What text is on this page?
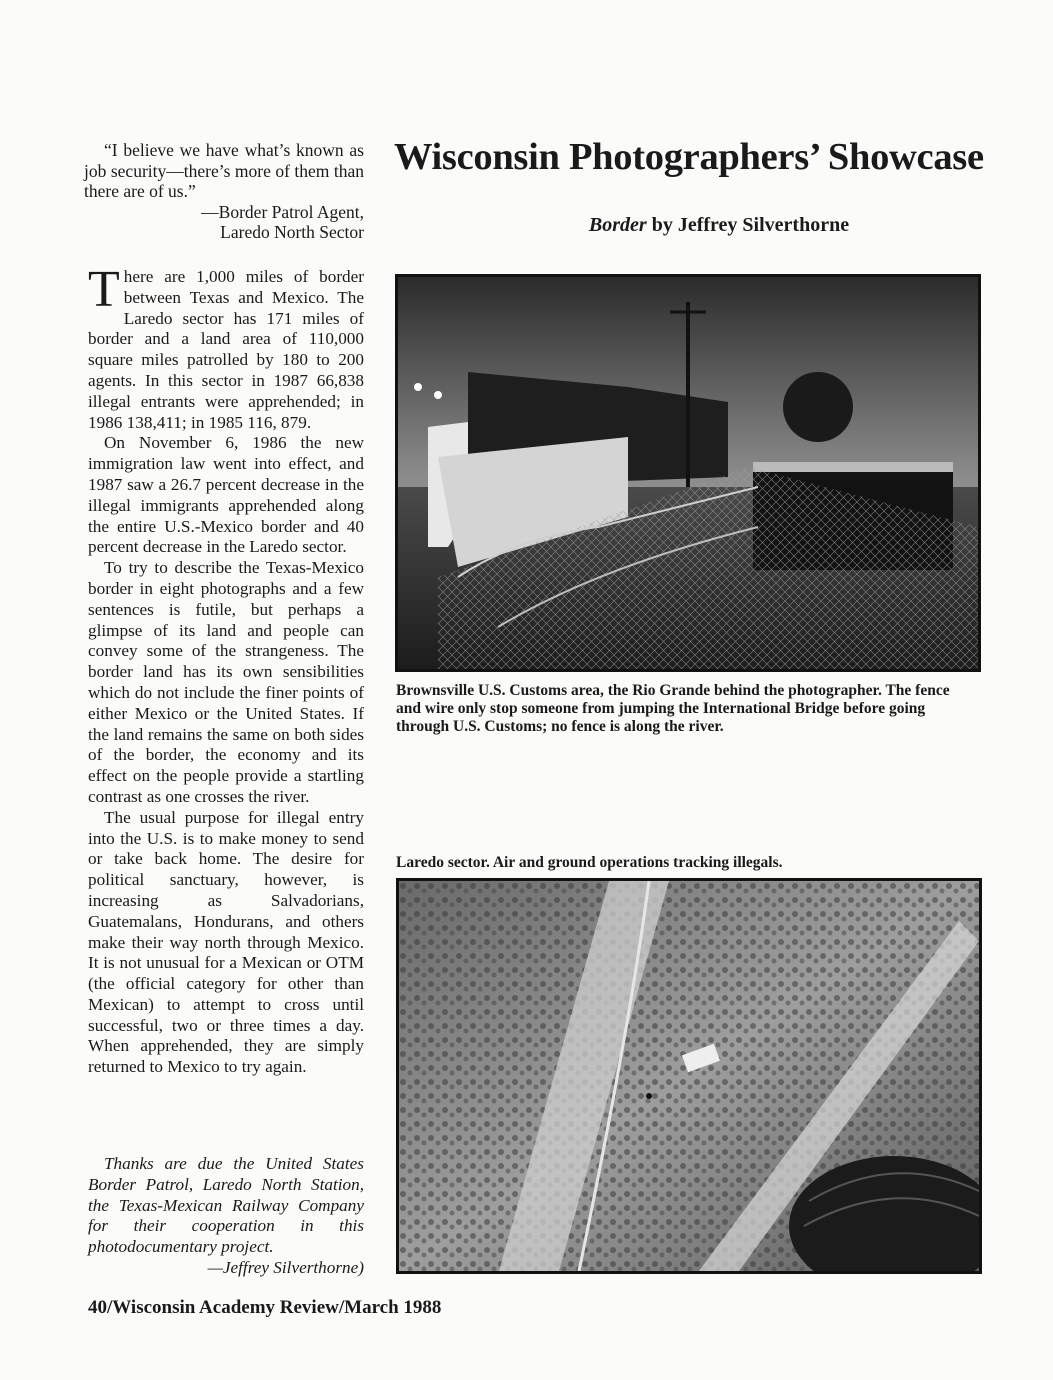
“I believe we have what’s known as job security—there’s more of them than there are of us.”
—Border Patrol Agent,
Laredo North Sector

There are 1,000 miles of border between Texas and Mexico. The Laredo sector has 171 miles of border and a land area of 110,000 square miles patrolled by 180 to 200 agents. In this sector in 1987 66,838 illegal entrants were apprehended; in 1986 138,411; in 1985 116, 879.

On November 6, 1986 the new immigration law went into effect, and 1987 saw a 26.7 percent decrease in the illegal immigrants apprehended along the entire U.S.-Mexico border and 40 percent decrease in the Laredo sector.

To try to describe the Texas-Mexico border in eight photographs and a few sentences is futile, but perhaps a glimpse of its land and people can convey some of the strangeness. The border land has its own sensibilities which do not include the finer points of either Mexico or the United States. If the land remains the same on both sides of the border, the economy and its effect on the people provide a startling contrast as one crosses the river.

The usual purpose for illegal entry into the U.S. is to make money to send or take back home. The desire for political sanctuary, however, is increasing as Salvadorians, Guatemalans, Hondurans, and others make their way north through Mexico. It is not unusual for a Mexican or OTM (the official category for other than Mexican) to attempt to cross until successful, two or three times a day. When apprehended, they are simply returned to Mexico to try again.

Thanks are due the United States Border Patrol, Laredo North Station, the Texas-Mexican Railway Company for their cooperation in this photodocumentary project.
—Jeffrey Silverthorne)
Wisconsin Photographers’ Showcase
Border by Jeffrey Silverthorne
Brownsville U.S. Customs area, the Rio Grande behind the photographer. The fence and wire only stop someone from jumping the International Bridge before going through U.S. Customs; no fence is along the river.
Laredo sector. Air and ground operations tracking illegals.
40/Wisconsin Academy Review/March 1988
